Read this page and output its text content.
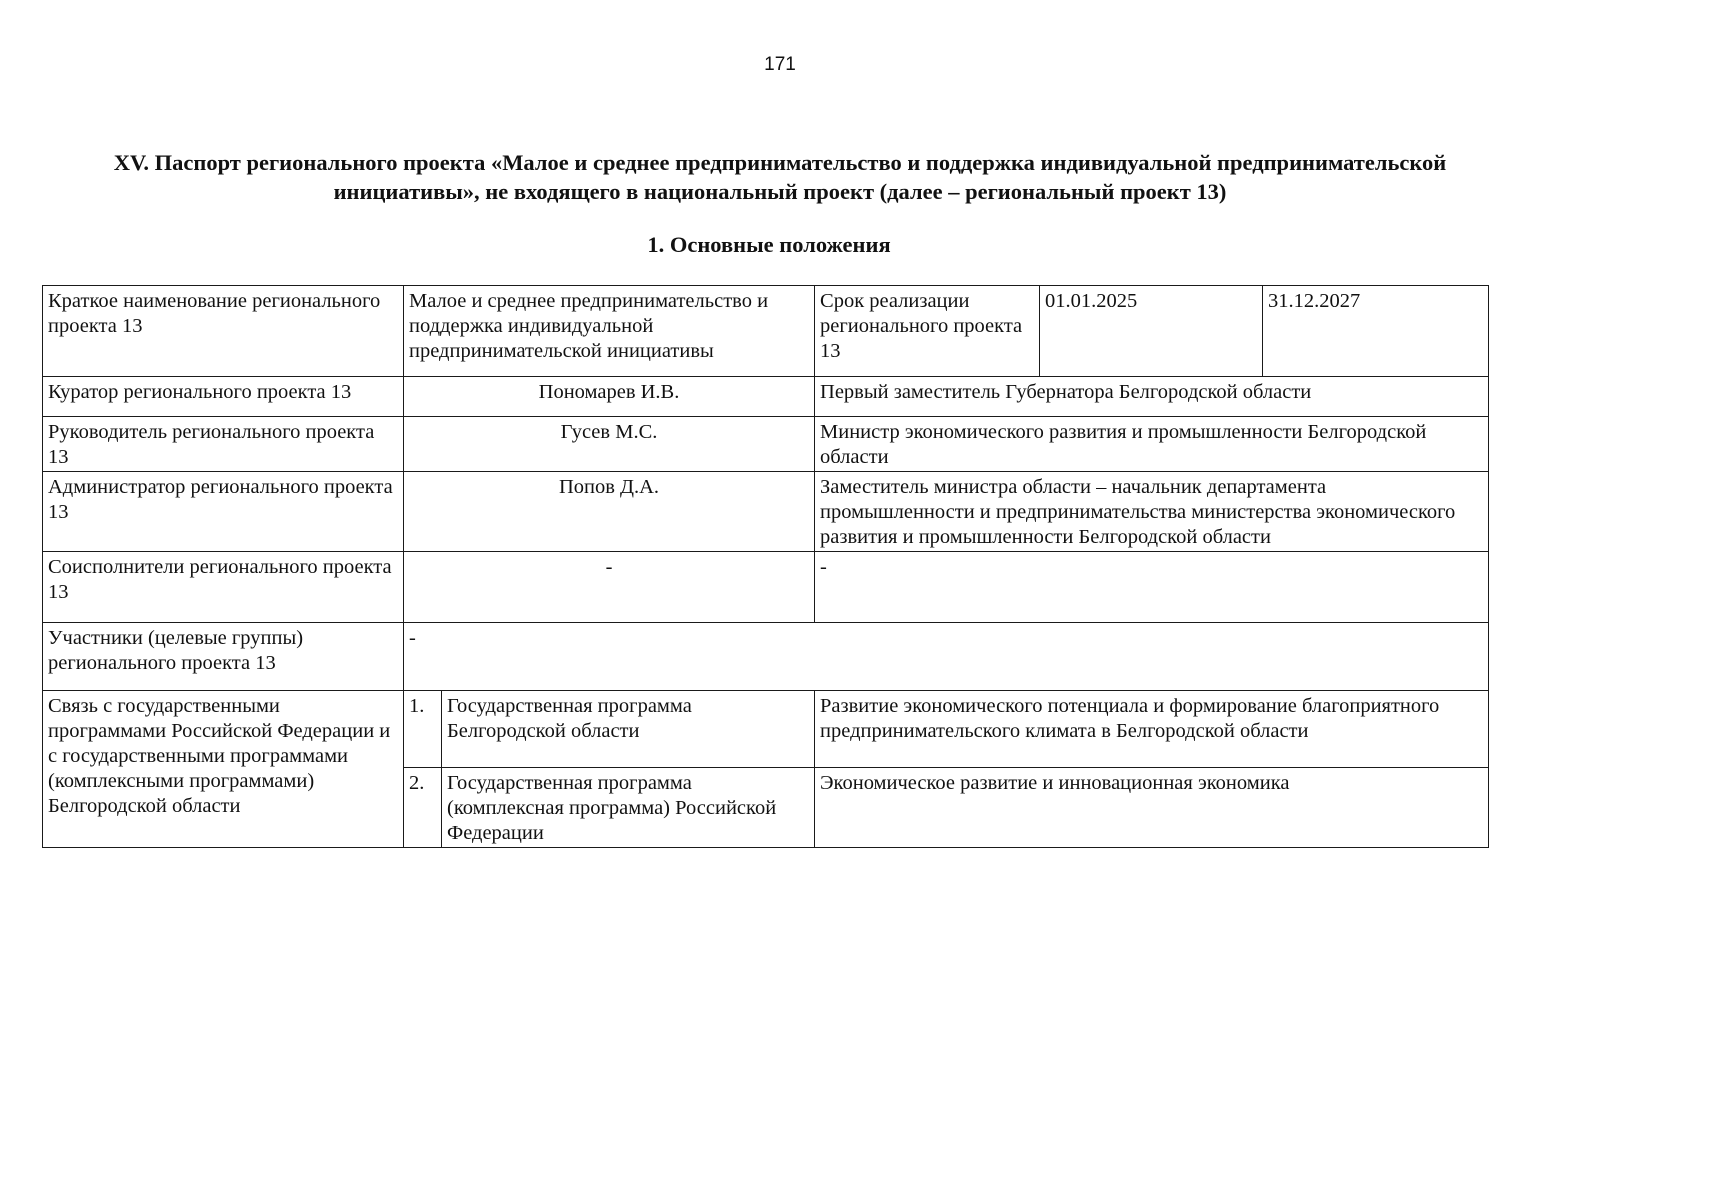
171
XV. Паспорт регионального проекта «Малое и среднее предпринимательство и поддержка индивидуальной предпринимательской
инициативы», не входящего в национальный проект (далее – региональный проект 13)
1. Основные положения
Краткое наименование регионального проекта 13	Малое и среднее предпринимательство и поддержка индивидуальной предпринимательской инициативы		Срок реализации регионального проекта 13	01.01.2025	31.12.2027
Куратор регионального проекта 13	Пономарев И.В.		Первый заместитель Губернатора Белгородской области		
Руководитель регионального проекта 13	Гусев М.С.		Министр экономического развития и промышленности Белгородской области		
Администратор регионального проекта 13	Попов Д.А.		Заместитель министра области – начальник департамента промышленности и предпринимательства министерства экономического развития и промышленности Белгородской области		
Соисполнители регионального проекта 13	-		-		
Участники (целевые группы) регионального проекта 13	-				
Связь с государственными программами Российской Федерации и с государственными программами (комплексными программами) Белгородской области	1.	Государственная программа Белгородской области	Развитие экономического потенциала и формирование благоприятного предпринимательского климата в Белгородской области		
	2.	Государственная программа (комплексная программа) Российской Федерации	Экономическое развитие и инновационная экономика		
